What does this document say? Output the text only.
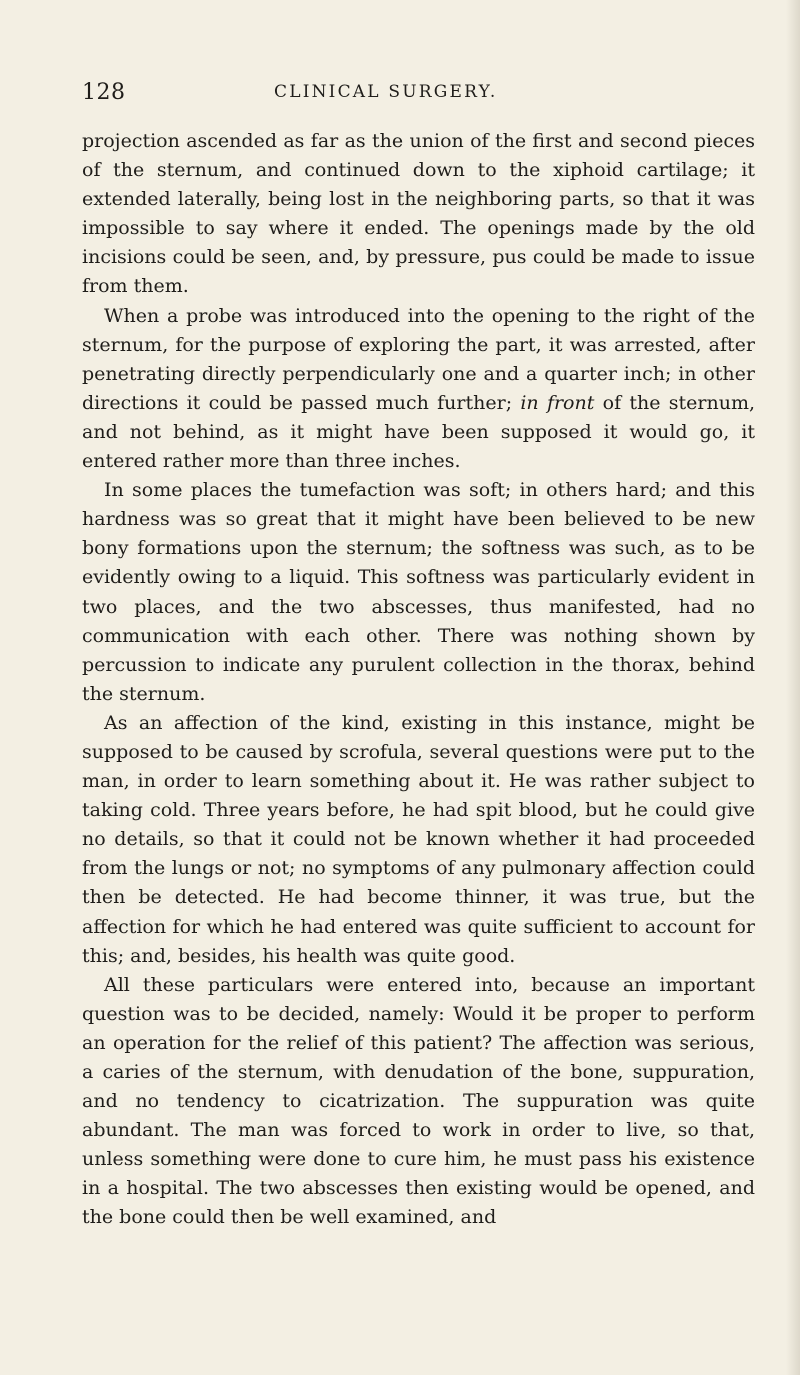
128	CLINICAL SURGERY.

projection ascended as far as the union of the first and second pieces of the sternum, and continued down to the xiphoid cartilage; it extended laterally, being lost in the neighboring parts, so that it was impossible to say where it ended. The openings made by the old incisions could be seen, and, by pressure, pus could be made to issue from them.

When a probe was introduced into the opening to the right of the sternum, for the purpose of exploring the part, it was arrested, after penetrating directly perpendicularly one and a quarter inch; in other directions it could be passed much further; in front of the sternum, and not behind, as it might have been supposed it would go, it entered rather more than three inches.

In some places the tumefaction was soft; in others hard; and this hardness was so great that it might have been believed to be new bony formations upon the sternum; the softness was such, as to be evidently owing to a liquid. This softness was particularly evident in two places, and the two abscesses, thus manifested, had no communication with each other. There was nothing shown by percussion to indicate any purulent collection in the thorax, behind the sternum.

As an affection of the kind, existing in this instance, might be supposed to be caused by scrofula, several questions were put to the man, in order to learn something about it. He was rather subject to taking cold. Three years before, he had spit blood, but he could give no details, so that it could not be known whether it had proceeded from the lungs or not; no symptoms of any pulmonary affection could then be detected. He had become thinner, it was true, but the affection for which he had entered was quite sufficient to account for this; and, besides, his health was quite good.

All these particulars were entered into, because an important question was to be decided, namely: Would it be proper to perform an operation for the relief of this patient? The affection was serious, a caries of the sternum, with denudation of the bone, suppuration, and no tendency to cicatrization. The suppuration was quite abundant. The man was forced to work in order to live, so that, unless something were done to cure him, he must pass his existence in a hospital. The two abscesses then existing would be opened, and the bone could then be well examined, and
